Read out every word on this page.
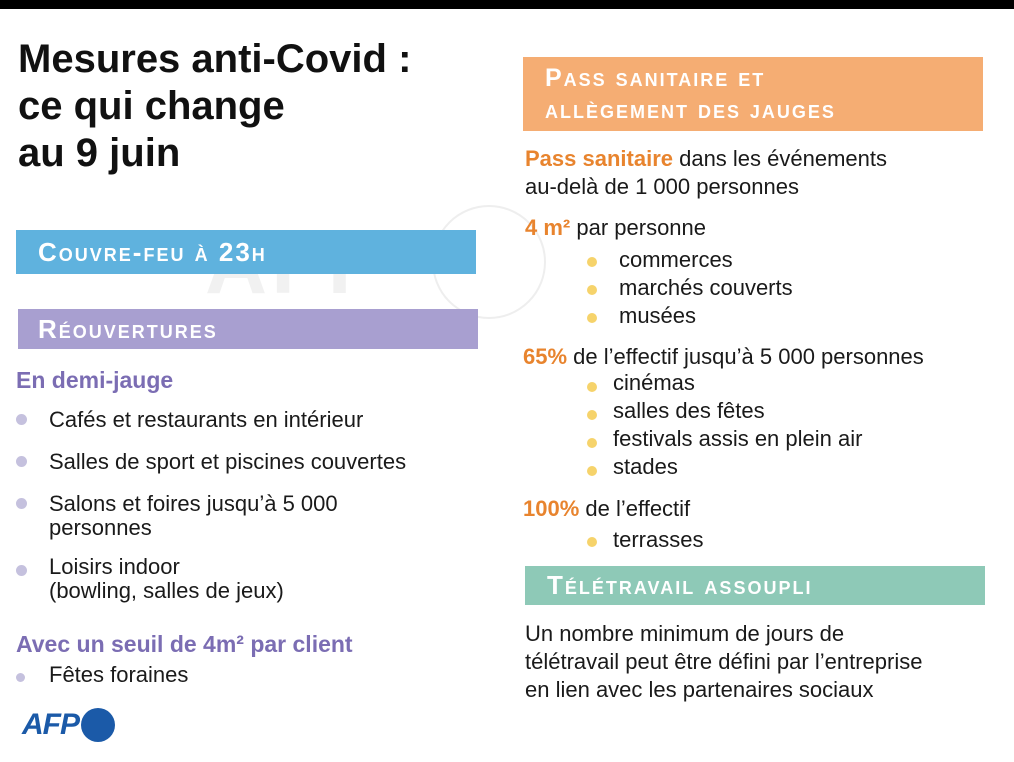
Mesures anti-Covid :
ce qui change
au 9 juin
Couvre-feu à 23h
Réouvertures
En demi-jauge
Cafés et restaurants en intérieur
Salles de sport et piscines couvertes
Salons et foires jusqu’à 5 000
personnes
Loisirs indoor
(bowling, salles de jeux)
Avec un seuil de 4m² par client
Fêtes foraines
AFP
Pass sanitaire et
allègement des jauges
Pass sanitaire dans les événements
au-delà de 1 000 personnes
4 m² par personne
commerces
marchés couverts
musées
65% de l’effectif jusqu’à 5 000 personnes
cinémas
salles des fêtes
festivals assis en plein air
stades
100% de l’effectif
terrasses
Télétravail assoupli
Un nombre minimum de jours de
télétravail peut être défini par l’entreprise
en lien avec les partenaires sociaux
